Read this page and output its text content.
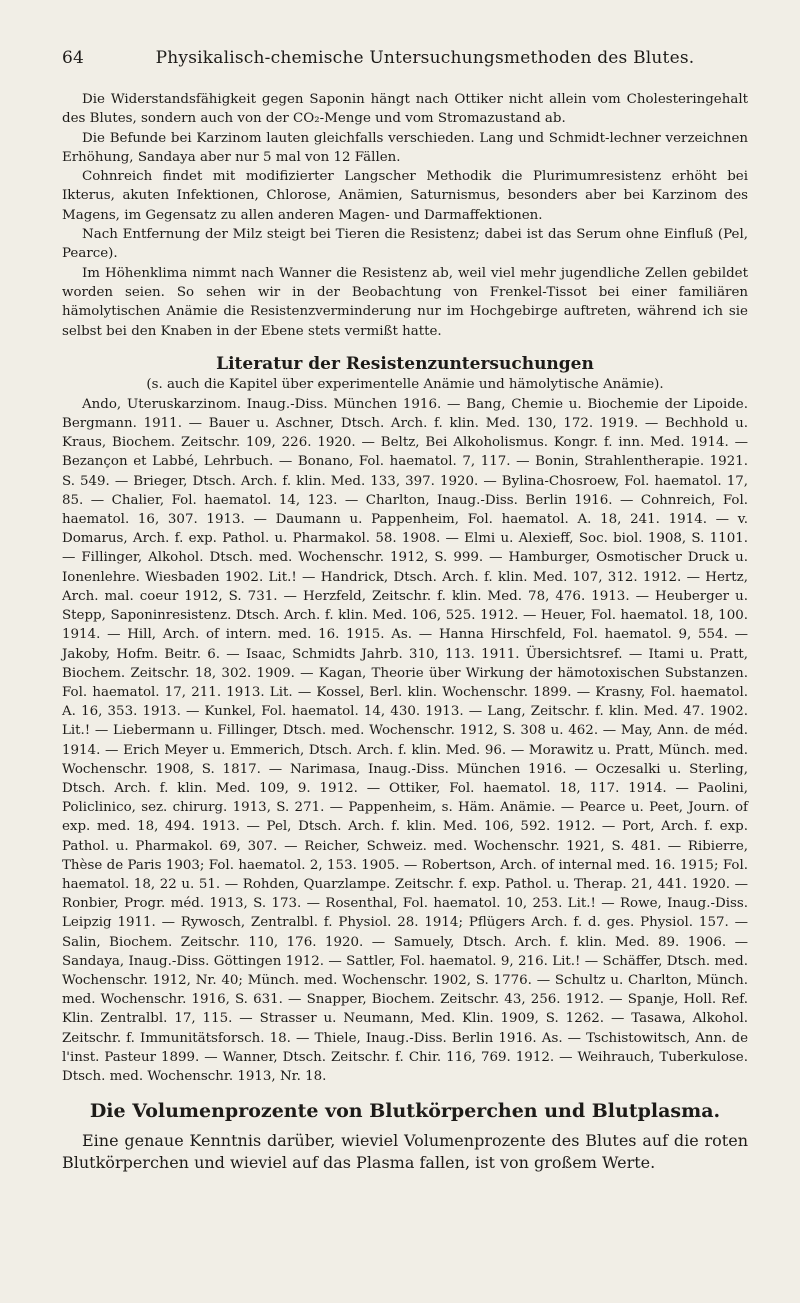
64	Physikalisch-chemische Untersuchungsmethoden des Blutes.

Die Widerstandsfähigkeit gegen Saponin hängt nach Ottiker nicht allein vom Cholesteringehalt des Blutes, sondern auch von der CO₂-Menge und vom Stromazustand ab.

Die Befunde bei Karzinom lauten gleichfalls verschieden. Lang und Schmidt-lechner verzeichnen Erhöhung, Sandaya aber nur 5 mal von 12 Fällen.

Cohnreich findet mit modifizierter Langscher Methodik die Plurimumresistenz erhöht bei Ikterus, akuten Infektionen, Chlorose, Anämien, Saturnismus, besonders aber bei Karzinom des Magens, im Gegensatz zu allen anderen Magen- und Darmaffektionen.

Nach Entfernung der Milz steigt bei Tieren die Resistenz; dabei ist das Serum ohne Einfluß (Pel, Pearce).

Im Höhenklima nimmt nach Wanner die Resistenz ab, weil viel mehr jugendliche Zellen gebildet worden seien. So sehen wir in der Beobachtung von Frenkel-Tissot bei einer familiären hämolytischen Anämie die Resistenzverminderung nur im Hochgebirge auftreten, während ich sie selbst bei den Knaben in der Ebene stets vermißt hatte.

Literatur der Resistenzuntersuchungen
(s. auch die Kapitel über experimentelle Anämie und hämolytische Anämie).

Ando, Uteruskarzinom. Inaug.-Diss. München 1916. — Bang, Chemie u. Biochemie der Lipoide. Bergmann. 1911. — Bauer u. Aschner, Dtsch. Arch. f. klin. Med. 130, 172. 1919. — Bechhold u. Kraus, Biochem. Zeitschr. 109, 226. 1920. — Beltz, Bei Alkoholismus. Kongr. f. inn. Med. 1914. — Bezançon et Labbé, Lehrbuch. — Bonano, Fol. haematol. 7, 117. — Bonin, Strahlentherapie. 1921. S. 549. — Brieger, Dtsch. Arch. f. klin. Med. 133, 397. 1920. — Bylina-Chosroew, Fol. haematol. 17, 85. — Chalier, Fol. haematol. 14, 123. — Charlton, Inaug.-Diss. Berlin 1916. — Cohnreich, Fol. haematol. 16, 307. 1913. — Daumann u. Pappenheim, Fol. haematol. A. 18, 241. 1914. — v. Domarus, Arch. f. exp. Pathol. u. Pharmakol. 58. 1908. — Elmi u. Alexieff, Soc. biol. 1908, S. 1101. — Fillinger, Alkohol. Dtsch. med. Wochenschr. 1912, S. 999. — Hamburger, Osmotischer Druck u. Ionenlehre. Wiesbaden 1902. Lit.! — Handrick, Dtsch. Arch. f. klin. Med. 107, 312. 1912. — Hertz, Arch. mal. coeur 1912, S. 731. — Herzfeld, Zeitschr. f. klin. Med. 78, 476. 1913. — Heuberger u. Stepp, Saponinresistenz. Dtsch. Arch. f. klin. Med. 106, 525. 1912. — Heuer, Fol. haematol. 18, 100. 1914. — Hill, Arch. of intern. med. 16. 1915. As. — Hanna Hirschfeld, Fol. haematol. 9, 554. — Jakoby, Hofm. Beitr. 6. — Isaac, Schmidts Jahrb. 310, 113. 1911. Übersichtsref. — Itami u. Pratt, Biochem. Zeitschr. 18, 302. 1909. — Kagan, Theorie über Wirkung der hämotoxischen Substanzen. Fol. haematol. 17, 211. 1913. Lit. — Kossel, Berl. klin. Wochenschr. 1899. — Krasny, Fol. haematol. A. 16, 353. 1913. — Kunkel, Fol. haematol. 14, 430. 1913. — Lang, Zeitschr. f. klin. Med. 47. 1902. Lit.! — Liebermann u. Fillinger, Dtsch. med. Wochenschr. 1912, S. 308 u. 462. — May, Ann. de méd. 1914. — Erich Meyer u. Emmerich, Dtsch. Arch. f. klin. Med. 96. — Morawitz u. Pratt, Münch. med. Wochenschr. 1908, S. 1817. — Narimasa, Inaug.-Diss. München 1916. — Oczesalki u. Sterling, Dtsch. Arch. f. klin. Med. 109, 9. 1912. — Ottiker, Fol. haematol. 18, 117. 1914. — Paolini, Policlinico, sez. chirurg. 1913, S. 271. — Pappenheim, s. Häm. Anämie. — Pearce u. Peet, Journ. of exp. med. 18, 494. 1913. — Pel, Dtsch. Arch. f. klin. Med. 106, 592. 1912. — Port, Arch. f. exp. Pathol. u. Pharmakol. 69, 307. — Reicher, Schweiz. med. Wochenschr. 1921, S. 481. — Ribierre, Thèse de Paris 1903; Fol. haematol. 2, 153. 1905. — Robertson, Arch. of internal med. 16. 1915; Fol. haematol. 18, 22 u. 51. — Rohden, Quarzlampe. Zeitschr. f. exp. Pathol. u. Therap. 21, 441. 1920. — Ronbier, Progr. méd. 1913, S. 173. — Rosenthal, Fol. haematol. 10, 253. Lit.! — Rowe, Inaug.-Diss. Leipzig 1911. — Rywosch, Zentralbl. f. Physiol. 28. 1914; Pflügers Arch. f. d. ges. Physiol. 157. — Salin, Biochem. Zeitschr. 110, 176. 1920. — Samuely, Dtsch. Arch. f. klin. Med. 89. 1906. — Sandaya, Inaug.-Diss. Göttingen 1912. — Sattler, Fol. haematol. 9, 216. Lit.! — Schäffer, Dtsch. med. Wochenschr. 1912, Nr. 40; Münch. med. Wochenschr. 1902, S. 1776. — Schultz u. Charlton, Münch. med. Wochenschr. 1916, S. 631. — Snapper, Biochem. Zeitschr. 43, 256. 1912. — Spanje, Holl. Ref. Klin. Zentralbl. 17, 115. — Strasser u. Neumann, Med. Klin. 1909, S. 1262. — Tasawa, Alkohol. Zeitschr. f. Immunitätsforsch. 18. — Thiele, Inaug.-Diss. Berlin 1916. As. — Tschistowitsch, Ann. de l'inst. Pasteur 1899. — Wanner, Dtsch. Zeitschr. f. Chir. 116, 769. 1912. — Weihrauch, Tuberkulose. Dtsch. med. Wochenschr. 1913, Nr. 18.

Die Volumenprozente von Blutkörperchen und Blutplasma.

Eine genaue Kenntnis darüber, wieviel Volumenprozente des Blutes auf die roten Blutkörperchen und wieviel auf das Plasma fallen, ist von großem Werte.
